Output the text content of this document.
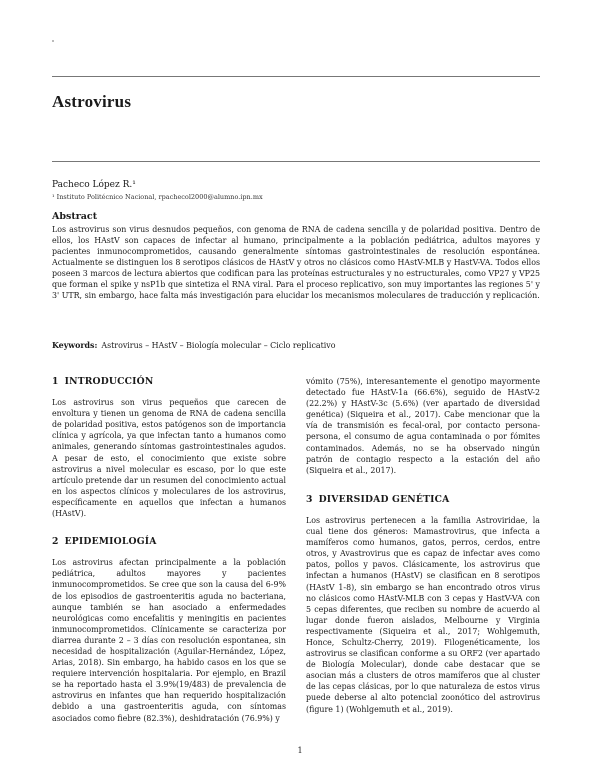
Astrovirus
Pacheco López R.¹
¹ Instituto Politécnico Nacional, rpachecol2000@alumno.ipn.mx
Abstract
Los astrovirus son virus desnudos pequeños, con genoma de RNA de cadena sencilla y de polaridad positiva. Dentro de ellos, los HAstV son capaces de infectar al humano, principalmente a la población pediátrica, adultos mayores y pacientes inmunocomprometidos, causando generalmente síntomas gastrointestinales de resolución espontánea. Actualmente se distinguen los 8 serotipos clásicos de HAstV y otros no clásicos como HAstV-MLB y HastV-VA. Todos ellos poseen 3 marcos de lectura abiertos que codifican para las proteínas estructurales y no estructurales, como VP27 y VP25 que forman el spike y nsP1b que sintetiza el RNA viral. Para el proceso replicativo, son muy importantes las regiones 5' y 3' UTR, sin embargo, hace falta más investigación para elucidar los mecanismos moleculares de traducción y replicación.
Keywords: Astrovirus – HAstV – Biología molecular – Ciclo replicativo
1 INTRODUCCIÓN

Los astrovirus son virus pequeños que carecen de envoltura y tienen un genoma de RNA de cadena sencilla de polaridad positiva, estos patógenos son de importancia clínica y agrícola, ya que infectan tanto a humanos como animales, generando síntomas gastrointestinales agudos. A pesar de esto, el conocimiento que existe sobre astrovirus a nivel molecular es escaso, por lo que este artículo pretende dar un resumen del conocimiento actual en los aspectos clínicos y moleculares de los astrovirus, específicamente en aquellos que infectan a humanos (HAstV).

2 EPIDEMIOLOGÍA

Los astrovirus afectan principalmente a la población pediátrica, adultos mayores y pacientes inmunocomprometidos. Se cree que son la causa del 6-9% de los episodios de gastroenteritis aguda no bacteriana, aunque también se han asociado a enfermedades neurológicas como encefalitis y meningitis en pacientes inmunocomprometidos. Clínicamente se caracteriza por diarrea durante 2 – 3 días con resolución espontanea, sin necesidad de hospitalización (Aguilar-Hernández, López, Arias, 2018). Sin embargo, ha habido casos en los que se requiere intervención hospitalaria. Por ejemplo, en Brazil se ha reportado hasta el 3.9%(19/483) de prevalencia de astrovirus en infantes que han requerido hospitalización debido a una gastroenteritis aguda, con síntomas asociados como fiebre (82.3%), deshidratación (76.9%) y

vómito (75%), interesantemente el genotipo mayormente detectado fue HAstV-1a (66.6%), seguido de HAstV-2 (22.2%) y HAstV-3c (5.6%) (ver apartado de diversidad genética) (Siqueira et al., 2017). Cabe mencionar que la vía de transmisión es fecal-oral, por contacto persona-persona, el consumo de agua contaminada o por fómites contaminados. Además, no se ha observado ningún patrón de contagio respecto a la estación del año (Siqueira et al., 2017).

3 DIVERSIDAD GENÉTICA

Los astrovirus pertenecen a la familia Astroviridae, la cual tiene dos géneros: Mamastrovirus, que infecta a mamíferos como humanos, gatos, perros, cerdos, entre otros, y Avastrovirus que es capaz de infectar aves como patos, pollos y pavos. Clásicamente, los astrovirus que infectan a humanos (HAstV) se clasifican en 8 serotipos (HAstV 1-8), sin embargo se han encontrado otros virus no clásicos como HAstV-MLB con 3 cepas y HastV-VA con 5 cepas diferentes, que reciben su nombre de acuerdo al lugar donde fueron aislados, Melbourne y Virginia respectivamente (Siqueira et al., 2017; Wohlgemuth, Honce, Schultz-Cherry, 2019). Filogenéticamente, los astrovirus se clasifican conforme a su ORF2 (ver apartado de Biología Molecular), donde cabe destacar que se asocian más a clusters de otros mamíferos que al cluster de las cepas clásicas, por lo que naturaleza de estos virus puede deberse al alto potencial zoonótico del astrovirus (figure 1) (Wohlgemuth et al., 2019).

1
